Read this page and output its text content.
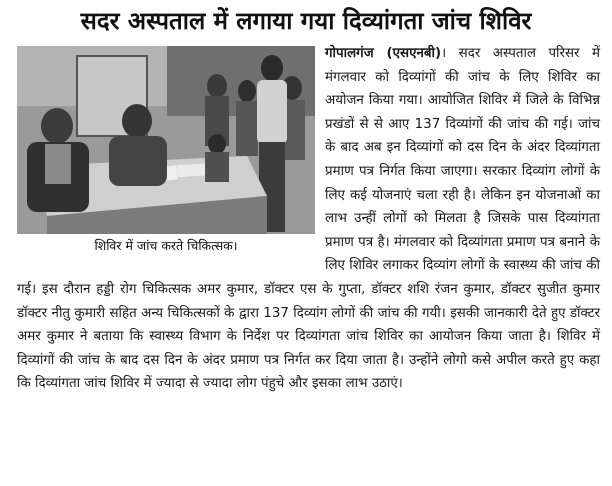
सदर अस्पताल में लगाया गया दिव्यांगता जांच शिविर
शिविर में जांच करते चिकित्सक।

गोपालगंज (एसएनबी)। सदर अस्पताल परिसर में मंगलवार को दिव्यांगों की जांच के लिए शिविर का अयोजन किया गया। आयोजित शिविर में जिले के विभिन्न प्रखंडों से से आए 137 दिव्यांगों की जांच की गई। जांच के बाद अब इन दिव्यांगों को दस दिन के अंदर दिव्यांगता प्रमाण पत्र निर्गत किया जाएगा। सरकार दिव्यांग लोगों के लिए कई योजनाएं चला रही है। लेकिन इन योजनाओं का लाभ उन्हीं लोगों को मिलता है जिसके पास दिव्यांगता प्रमाण पत्र है। मंगलवार को दिव्यांगता प्रमाण पत्र बनाने के लिए शिविर लगाकर दिव्यांग लोगों के स्वास्थ्य की जांच की गई। इस दौरान हड्डी रोग चिकित्सक अमर कुमार, डॉक्टर एस के गुप्ता, डॉक्टर शशि रंजन कुमार, डॉक्टर सुजीत कुमार डॉक्टर नीतु कुमारी सहित अन्य चिकित्सकों के द्वारा 137 दिव्यांग लोगों की जांच की गयी। इसकी जानकारी देते हुए डॉक्टर अमर कुमार ने बताया कि स्वास्थ्य विभाग के निर्देश पर दिव्यांगता जांच शिविर का आयोजन किया जाता है। शिविर में दिव्यांगों की जांच के बाद दस दिन के अंदर प्रमाण पत्र निर्गत कर दिया जाता है। उन्होंने लोगो कसे अपील करते हुए कहा कि दिव्यांगता जांच शिविर में ज्यादा से ज्यादा लोग पंहुचे और इसका लाभ उठाएं।
